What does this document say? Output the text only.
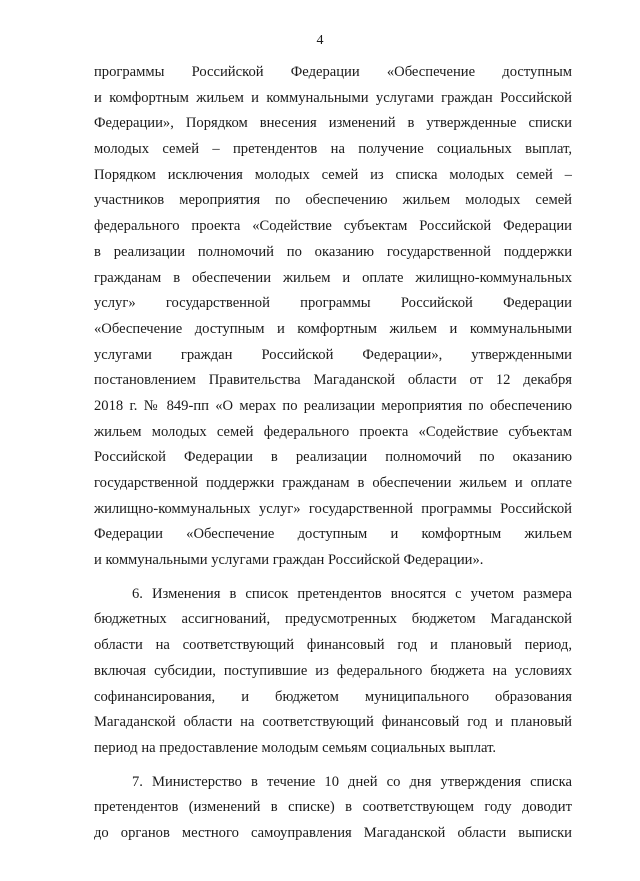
4
программы Российской Федерации «Обеспечение доступным
и комфортным жильем и коммунальными услугами граждан Российской
Федерации», Порядком внесения изменений в утвержденные списки
молодых семей – претендентов на получение социальных выплат,
Порядком исключения молодых семей из списка молодых семей –
участников мероприятия по обеспечению жильем молодых семей
федерального проекта «Содействие субъектам Российской Федерации
в реализации полномочий по оказанию государственной поддержки
гражданам в обеспечении жильем и оплате жилищно-коммунальных
услуг» государственной программы Российской Федерации
«Обеспечение доступным и комфортным жильем и коммунальными
услугами граждан Российской Федерации», утвержденными
постановлением Правительства Магаданской области от 12 декабря
2018 г. № 849-пп «О мерах по реализации мероприятия по обеспечению
жильем молодых семей федерального проекта «Содействие субъектам
Российской Федерации в реализации полномочий по оказанию
государственной поддержки гражданам в обеспечении жильем и оплате
жилищно-коммунальных услуг» государственной программы Российской
Федерации «Обеспечение доступным и комфортным жильем
и коммунальными услугами граждан Российской Федерации».
6. Изменения в список претендентов вносятся с учетом размера
бюджетных ассигнований, предусмотренных бюджетом Магаданской
области на соответствующий финансовый год и плановый период,
включая субсидии, поступившие из федерального бюджета на условиях
софинансирования, и бюджетом муниципального образования
Магаданской области на соответствующий финансовый год и плановый
период на предоставление молодым семьям социальных выплат.
7. Министерство в течение 10 дней со дня утверждения списка
претендентов (изменений в списке) в соответствующем году доводит
до органов местного самоуправления Магаданской области выписки
